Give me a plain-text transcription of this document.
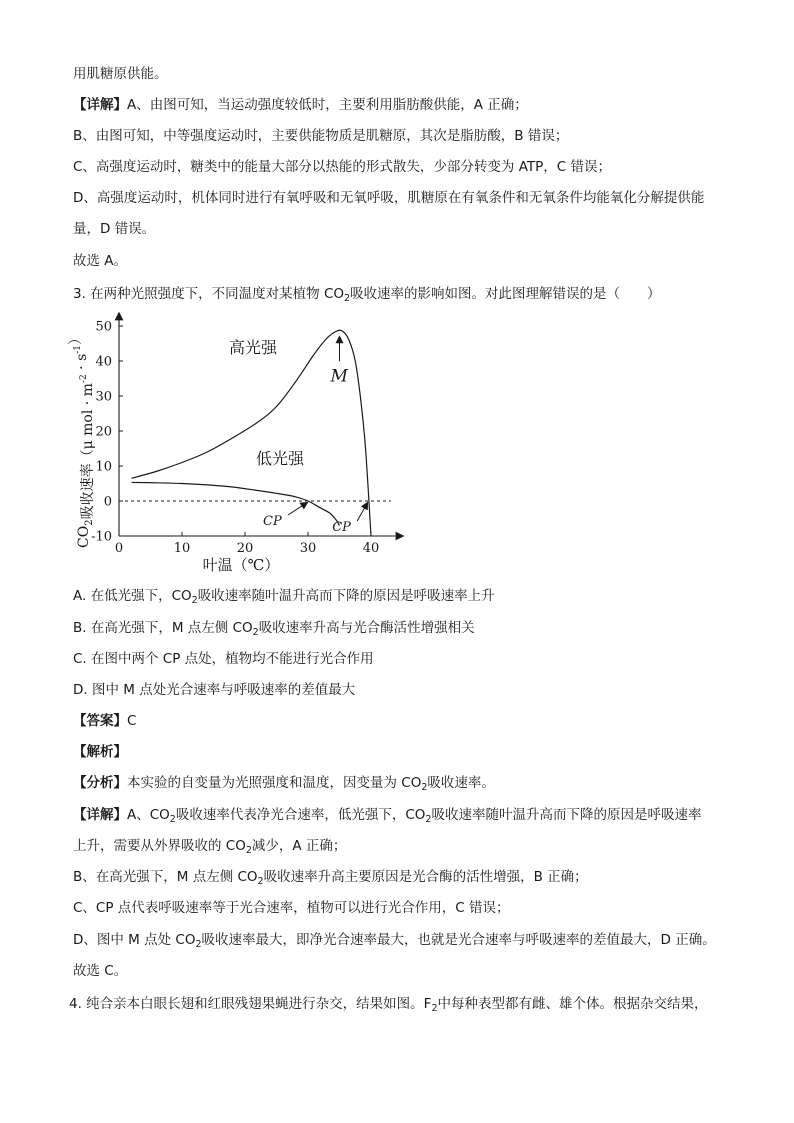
用肌糖原供能。
【详解】A、由图可知，当运动强度较低时，主要利用脂肪酸供能，A 正确；
B、由图可知，中等强度运动时，主要供能物质是肌糖原，其次是脂肪酸，B 错误；
C、高强度运动时，糖类中的能量大部分以热能的形式散失，少部分转变为 ATP，C 错误；
D、高强度运动时，机体同时进行有氧呼吸和无氧呼吸，肌糖原在有氧条件和无氧条件均能氧化分解提供能
量，D 错误。
故选 A。
3. 在两种光照强度下，不同温度对某植物 $CO_2$吸收速率的影响如图。对此图理解错误的是（　　）
50
40
30
20
10
0
-10
0	10	20	30	40
叶温（℃）
$CO_2$吸收速率（μ mol · $m^{-2} \cdot s^{-1}$）
高光强
低光强
M
CP	CP
A. 在低光强下，$CO_2$吸收速率随叶温升高而下降的原因是呼吸速率上升
B. 在高光强下，M 点左侧 $CO_2$吸收速率升高与光合酶活性增强相关
C. 在图中两个 CP 点处，植物均不能进行光合作用
D. 图中 M 点处光合速率与呼吸速率的差值最大
【答案】C
【解析】
【分析】本实验的自变量为光照强度和温度，因变量为 $CO_2$吸收速率。
【详解】A、$CO_2$吸收速率代表净光合速率，低光强下，$CO_2$吸收速率随叶温升高而下降的原因是呼吸速率
上升，需要从外界吸收的 $CO_2$减少，A 正确；
B、在高光强下，M 点左侧 $CO_2$吸收速率升高主要原因是光合酶的活性增强，B 正确；
C、CP 点代表呼吸速率等于光合速率，植物可以进行光合作用，C 错误；
D、图中 M 点处 $CO_2$吸收速率最大，即净光合速率最大，也就是光合速率与呼吸速率的差值最大，D 正确。
故选 C。
4. 纯合亲本白眼长翅和红眼残翅果蝇进行杂交，结果如图。$F_2$中每种表型都有雌、雄个体。根据杂交结果，
